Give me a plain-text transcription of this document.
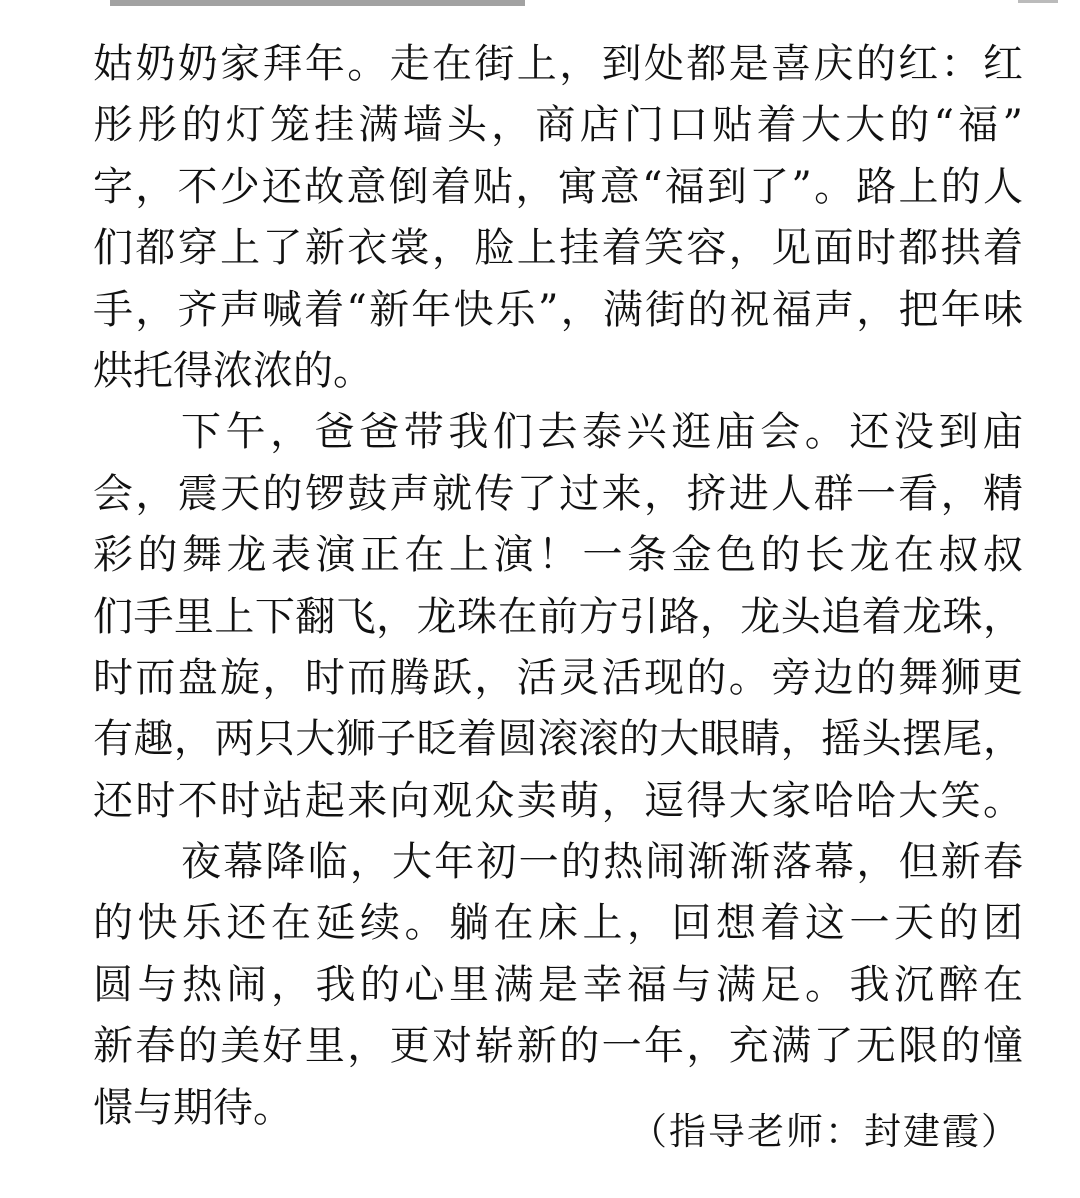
姑奶奶家拜年。走在街上，到处都是喜庆的红：红
彤彤的灯笼挂满墙头，商店门口贴着大大的“福”
字，不少还故意倒着贴，寓意“福到了”。路上的人
们都穿上了新衣裳，脸上挂着笑容，见面时都拱着
手，齐声喊着“新年快乐”，满街的祝福声，把年味
烘托得浓浓的。
下午，爸爸带我们去泰兴逛庙会。还没到庙
会，震天的锣鼓声就传了过来，挤进人群一看，精
彩的舞龙表演正在上演！一条金色的长龙在叔叔
们手里上下翻飞，龙珠在前方引路，龙头追着龙珠，
时而盘旋，时而腾跃，活灵活现的。旁边的舞狮更
有趣，两只大狮子眨着圆滚滚的大眼睛，摇头摆尾，
还时不时站起来向观众卖萌，逗得大家哈哈大笑。
夜幕降临，大年初一的热闹渐渐落幕，但新春
的快乐还在延续。躺在床上，回想着这一天的团
圆与热闹，我的心里满是幸福与满足。我沉醉在
新春的美好里，更对崭新的一年，充满了无限的憧
憬与期待。
（指导老师：封建霞）
